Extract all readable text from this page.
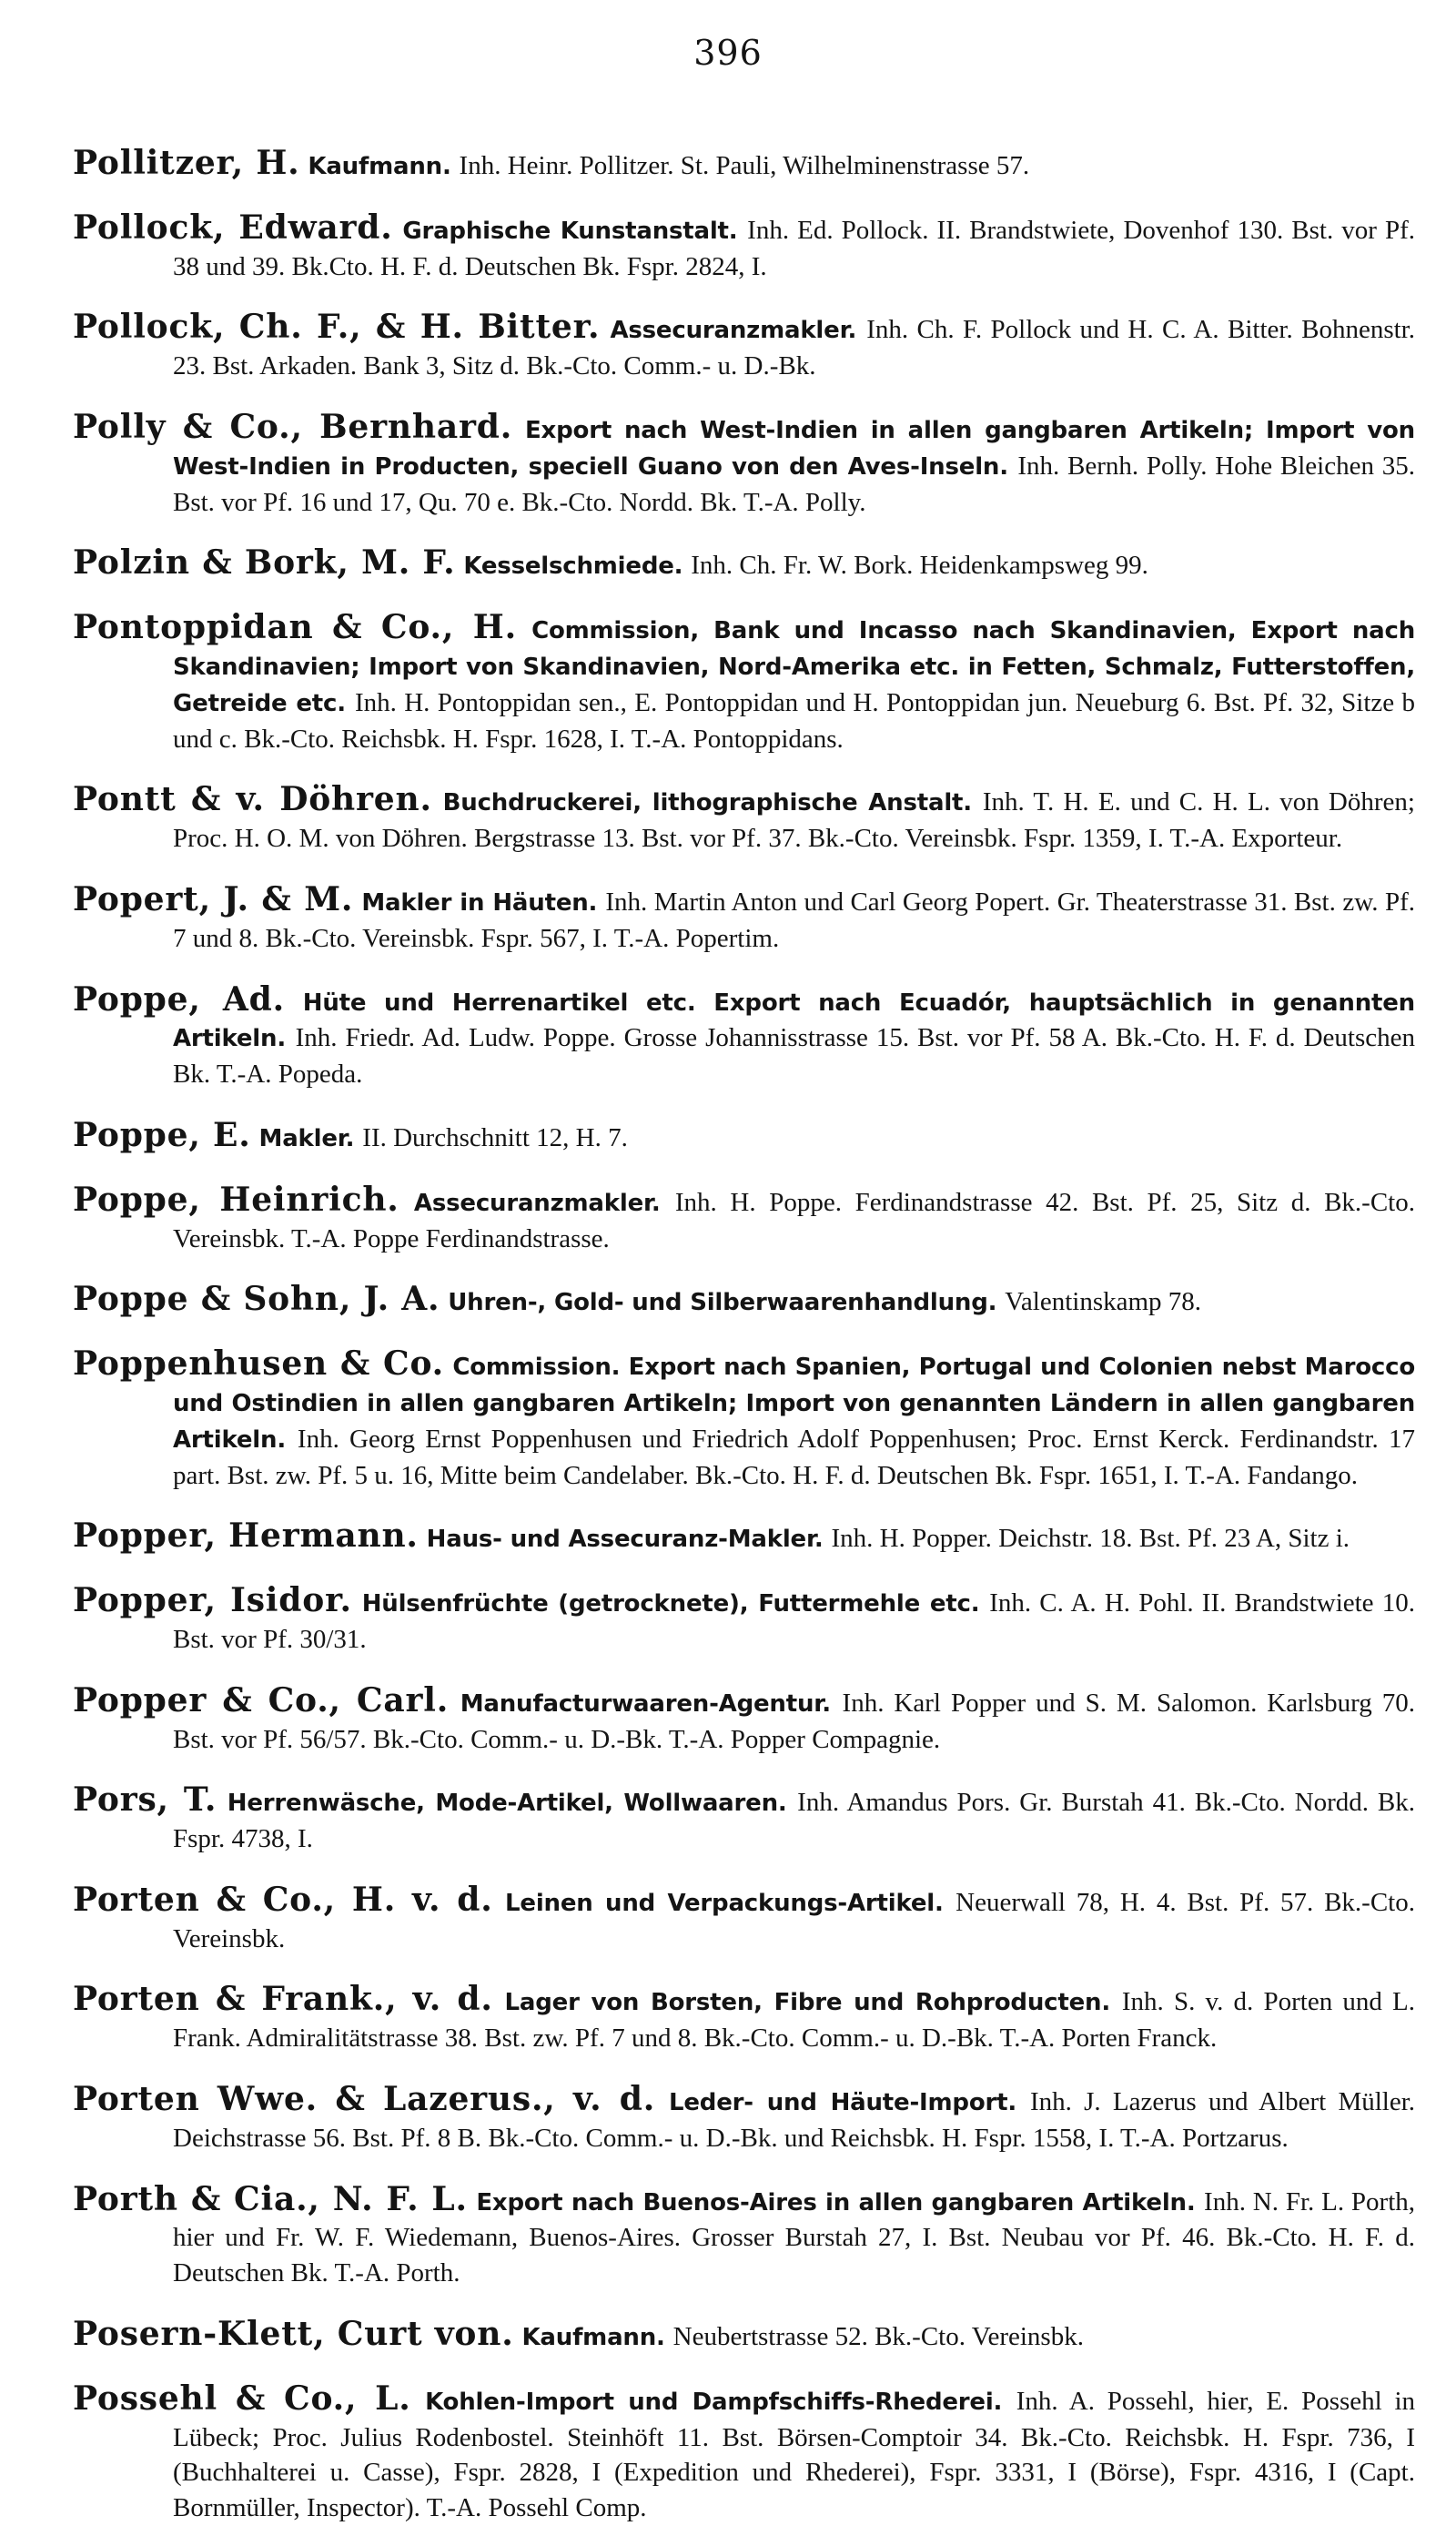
396

Pollitzer, H. Kaufmann. Inh. Heinr. Pollitzer. St. Pauli, Wilhelminenstrasse 57.

Pollock, Edward. Graphische Kunstanstalt. Inh. Ed. Pollock. II. Brandstwiete, Dovenhof 130. Bst. vor Pf. 38 und 39. Bk.Cto. H. F. d. Deutschen Bk. Fspr. 2824, I.

Pollock, Ch. F., & H. Bitter. Assecuranzmakler. Inh. Ch. F. Pollock und H. C. A. Bitter. Bohnenstr. 23. Bst. Arkaden. Bank 3, Sitz d. Bk.-Cto. Comm.- u. D.-Bk.

Polly & Co., Bernhard. Export nach West-Indien in allen gangbaren Artikeln; Import von West-Indien in Producten, speciell Guano von den Aves-Inseln. Inh. Bernh. Polly. Hohe Bleichen 35. Bst. vor Pf. 16 und 17, Qu. 70 e. Bk.-Cto. Nordd. Bk. T.-A. Polly.

Polzin & Bork, M. F. Kesselschmiede. Inh. Ch. Fr. W. Bork. Heidenkampsweg 99.

Pontoppidan & Co., H. Commission, Bank und Incasso nach Skandinavien, Export nach Skandinavien; Import von Skandinavien, Nord-Amerika etc. in Fetten, Schmalz, Futterstoffen, Getreide etc. Inh. H. Pontoppidan sen., E. Pontoppidan und H. Pontoppidan jun. Neueburg 6. Bst. Pf. 32, Sitze b und c. Bk.-Cto. Reichsbk. H. Fspr. 1628, I. T.-A. Pontoppidans.

Pontt & v. Döhren. Buchdruckerei, lithographische Anstalt. Inh. T. H. E. und C. H. L. von Döhren; Proc. H. O. M. von Döhren. Bergstrasse 13. Bst. vor Pf. 37. Bk.-Cto. Vereinsbk. Fspr. 1359, I. T.-A. Exporteur.

Popert, J. & M. Makler in Häuten. Inh. Martin Anton und Carl Georg Popert. Gr. Theaterstrasse 31. Bst. zw. Pf. 7 und 8. Bk.-Cto. Vereinsbk. Fspr. 567, I. T.-A. Popertim.

Poppe, Ad. Hüte und Herrenartikel etc. Export nach Ecuadór, hauptsächlich in genannten Artikeln. Inh. Friedr. Ad. Ludw. Poppe. Grosse Johannisstrasse 15. Bst. vor Pf. 58 A. Bk.-Cto. H. F. d. Deutschen Bk. T.-A. Popeda.

Poppe, E. Makler. II. Durchschnitt 12, H. 7.

Poppe, Heinrich. Assecuranzmakler. Inh. H. Poppe. Ferdinandstrasse 42. Bst. Pf. 25, Sitz d. Bk.-Cto. Vereinsbk. T.-A. Poppe Ferdinandstrasse.

Poppe & Sohn, J. A. Uhren-, Gold- und Silberwaarenhandlung. Valentinskamp 78.

Poppenhusen & Co. Commission. Export nach Spanien, Portugal und Colonien nebst Marocco und Ostindien in allen gangbaren Artikeln; Import von genannten Ländern in allen gangbaren Artikeln. Inh. Georg Ernst Poppenhusen und Friedrich Adolf Poppenhusen; Proc. Ernst Kerck. Ferdinandstr. 17 part. Bst. zw. Pf. 5 u. 16, Mitte beim Candelaber. Bk.-Cto. H. F. d. Deutschen Bk. Fspr. 1651, I. T.-A. Fandango.

Popper, Hermann. Haus- und Assecuranz-Makler. Inh. H. Popper. Deichstr. 18. Bst. Pf. 23 A, Sitz i.

Popper, Isidor. Hülsenfrüchte (getrocknete), Futtermehle etc. Inh. C. A. H. Pohl. II. Brandstwiete 10. Bst. vor Pf. 30/31.

Popper & Co., Carl. Manufacturwaaren-Agentur. Inh. Karl Popper und S. M. Salomon. Karlsburg 70. Bst. vor Pf. 56/57. Bk.-Cto. Comm.- u. D.-Bk. T.-A. Popper Compagnie.

Pors, T. Herrenwäsche, Mode-Artikel, Wollwaaren. Inh. Amandus Pors. Gr. Burstah 41. Bk.-Cto. Nordd. Bk. Fspr. 4738, I.

Porten & Co., H. v. d. Leinen und Verpackungs-Artikel. Neuerwall 78, H. 4. Bst. Pf. 57. Bk.-Cto. Vereinsbk.

Porten & Frank., v. d. Lager von Borsten, Fibre und Rohproducten. Inh. S. v. d. Porten und L. Frank. Admiralitätstrasse 38. Bst. zw. Pf. 7 und 8. Bk.-Cto. Comm.- u. D.-Bk. T.-A. Porten Franck.

Porten Wwe. & Lazerus., v. d. Leder- und Häute-Import. Inh. J. Lazerus und Albert Müller. Deichstrasse 56. Bst. Pf. 8 B. Bk.-Cto. Comm.- u. D.-Bk. und Reichsbk. H. Fspr. 1558, I. T.-A. Portzarus.

Porth & Cia., N. F. L. Export nach Buenos-Aires in allen gangbaren Artikeln. Inh. N. Fr. L. Porth, hier und Fr. W. F. Wiedemann, Buenos-Aires. Grosser Burstah 27, I. Bst. Neubau vor Pf. 46. Bk.-Cto. H. F. d. Deutschen Bk. T.-A. Porth.

Posern-Klett, Curt von. Kaufmann. Neubertstrasse 52. Bk.-Cto. Vereinsbk.

Possehl & Co., L. Kohlen-Import und Dampfschiffs-Rhederei. Inh. A. Possehl, hier, E. Possehl in Lübeck; Proc. Julius Rodenbostel. Steinhöft 11. Bst. Börsen-Comptoir 34. Bk.-Cto. Reichsbk. H. Fspr. 736, I (Buchhalterei u. Casse), Fspr. 2828, I (Expedition und Rhederei), Fspr. 3331, I (Börse), Fspr. 4316, I (Capt. Bornmüller, Inspector). T.-A. Possehl Comp.
